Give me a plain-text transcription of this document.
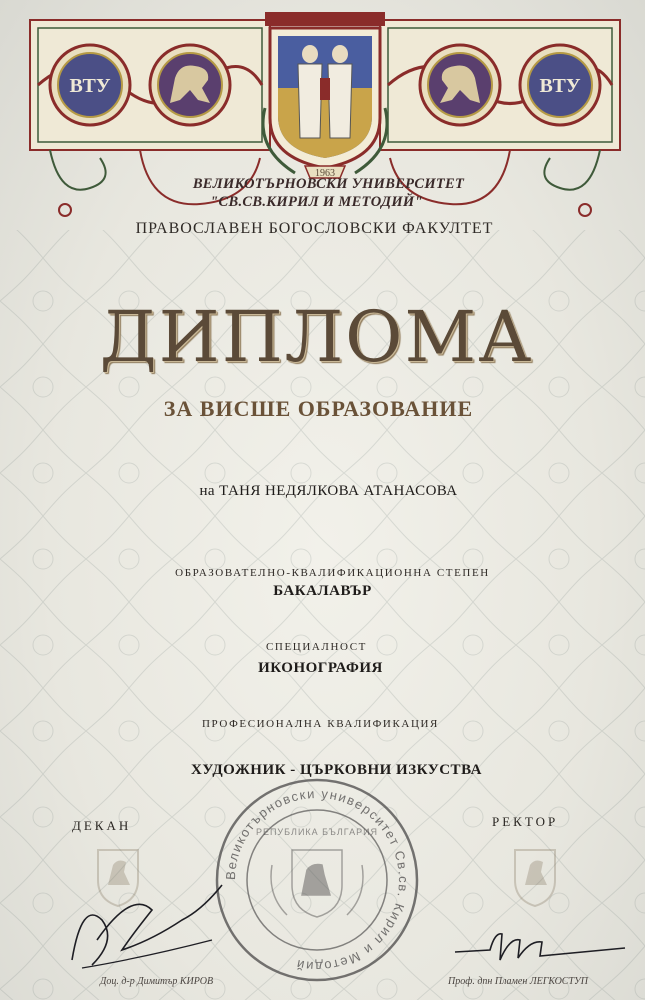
ВТУ	ВТУ
1963
ВЕЛИКОТЪРНОВСКИ УНИВЕРСИТЕТ
"СВ.СВ.КИРИЛ И МЕТОДИЙ"
ПРАВОСЛАВЕН БОГОСЛОВСКИ ФАКУЛТЕТ
ДИПЛОМА
ЗА ВИСШЕ ОБРАЗОВАНИЕ
на ТАНЯ НЕДЯЛКОВА АТАНАСОВА
ОБРАЗОВАТЕЛНО-КВАЛИФИКАЦИОННА СТЕПЕН
БАКАЛАВЪР
СПЕЦИАЛНОСТ
ИКОНОГРАФИЯ
ПРОФЕСИОНАЛНА КВАЛИФИКАЦИЯ
ХУДОЖНИК - ЦЪРКОВНИ ИЗКУСТВА
ДЕКАН	РЕКТОР
Великотърновски университет Св.св. Кирил и Методий
РЕПУБЛИКА БЪЛГАРИЯ
Доц. д-р Димитър КИРОВ	Проф. дпн Пламен ЛЕГКОСТУП
